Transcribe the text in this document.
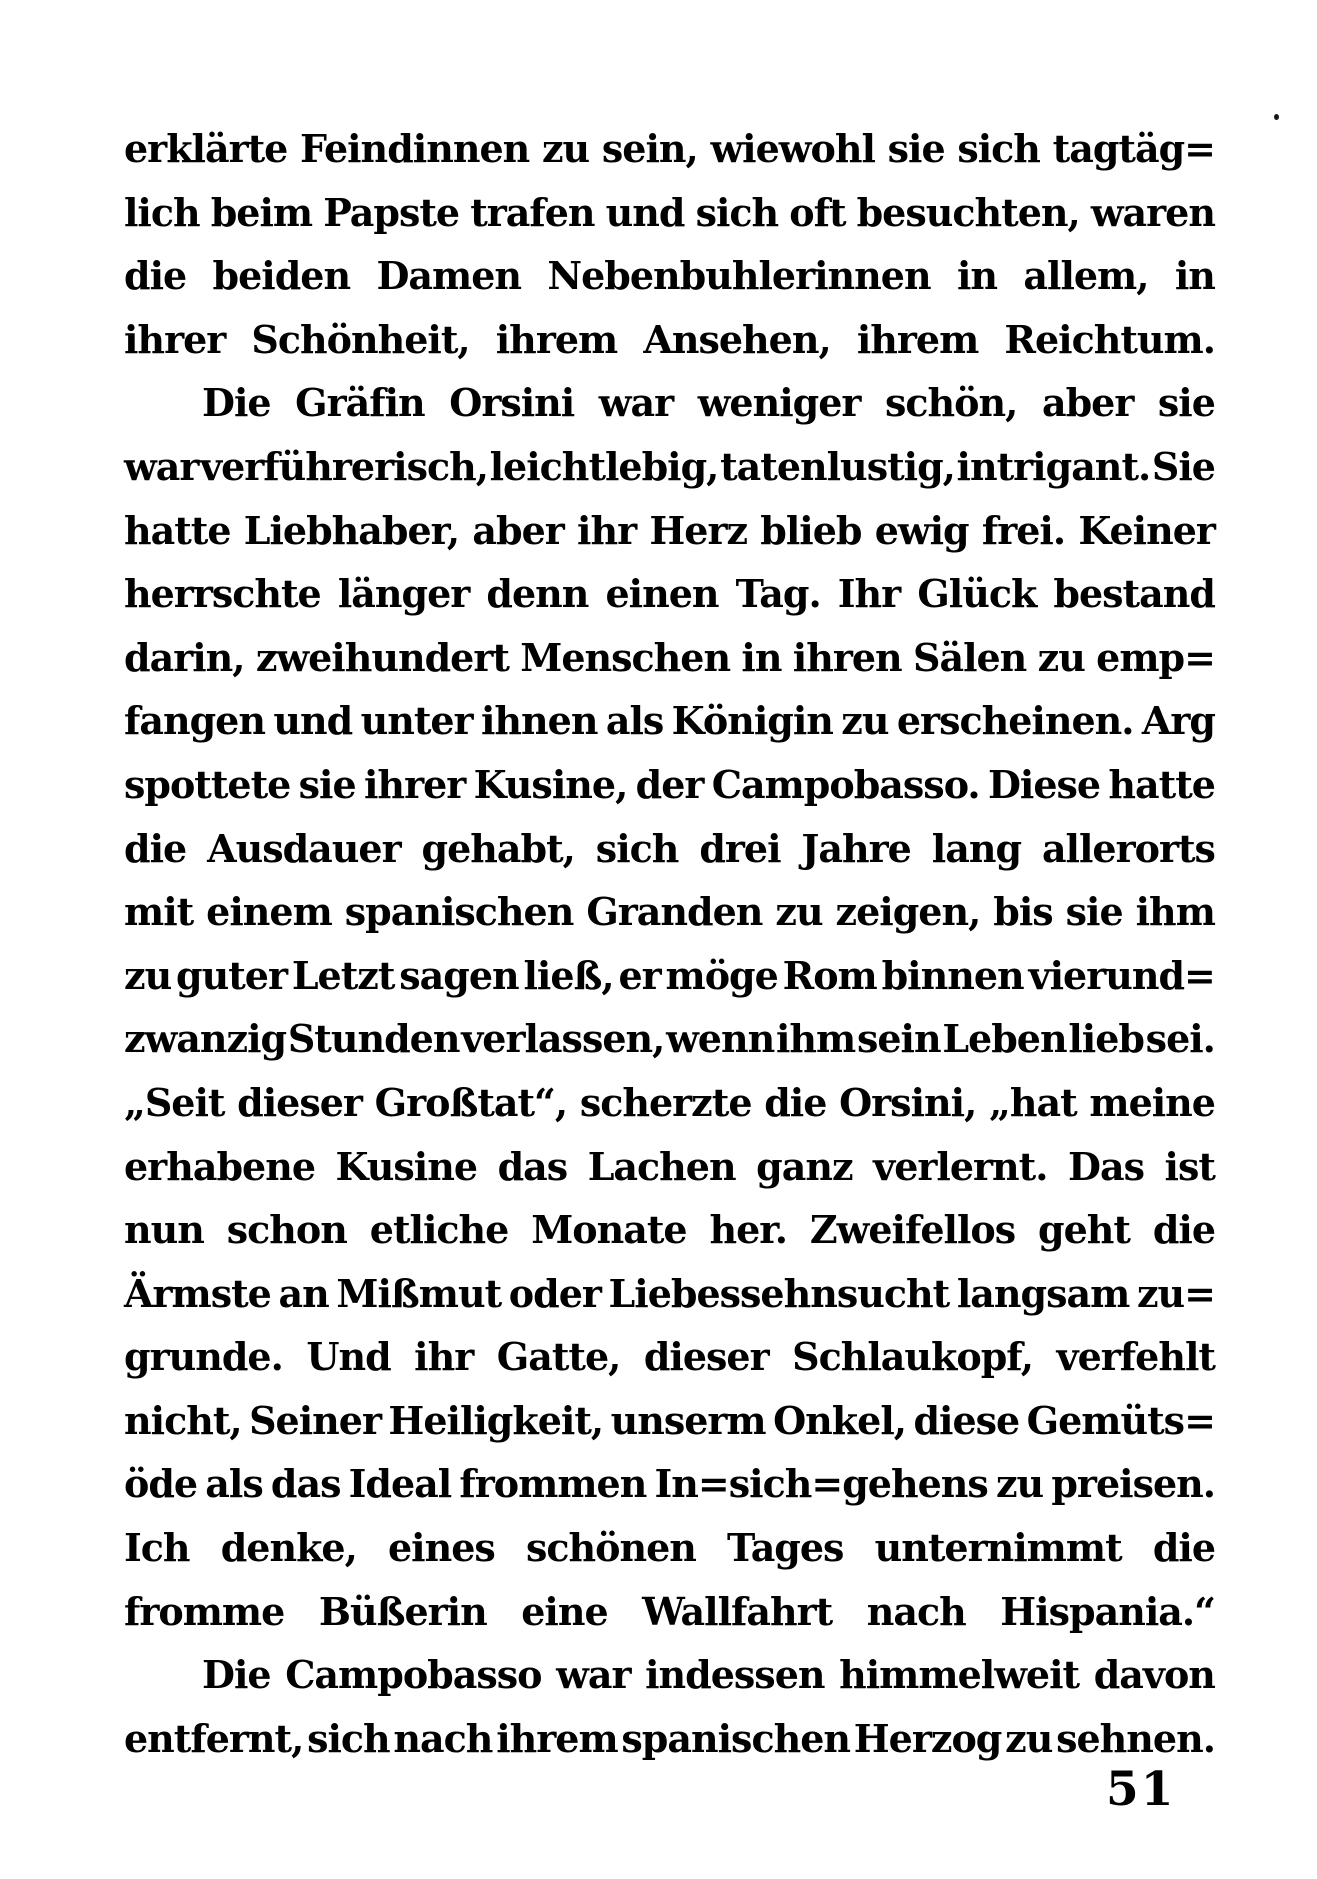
erklärte Feindinnen zu sein, wiewohl sie sich tagtäg=
lich beim Papste trafen und sich oft besuchten, waren
die beiden Damen Nebenbuhlerinnen in allem, in
ihrer Schönheit, ihrem Ansehen, ihrem Reichtum.
Die Gräfin Orsini war weniger schön, aber sie
war verführerisch, leichtlebig, tatenlustig, intrigant. Sie
hatte Liebhaber, aber ihr Herz blieb ewig frei. Keiner
herrschte länger denn einen Tag. Ihr Glück bestand
darin, zweihundert Menschen in ihren Sälen zu emp=
fangen und unter ihnen als Königin zu erscheinen. Arg
spottete sie ihrer Kusine, der Campobasso. Diese hatte
die Ausdauer gehabt, sich drei Jahre lang allerorts
mit einem spanischen Granden zu zeigen, bis sie ihm
zu guter Letzt sagen ließ, er möge Rom binnen vierund=
zwanzig Stunden verlassen, wenn ihm sein Leben lieb sei.
„Seit dieser Großtat“, scherzte die Orsini, „hat meine
erhabene Kusine das Lachen ganz verlernt. Das ist
nun schon etliche Monate her. Zweifellos geht die
Ärmste an Mißmut oder Liebessehnsucht langsam zu=
grunde. Und ihr Gatte, dieser Schlaukopf, verfehlt
nicht, Seiner Heiligkeit, unserm Onkel, diese Gemüts=
öde als das Ideal frommen In=sich=gehens zu preisen.
Ich denke, eines schönen Tages unternimmt die
fromme Büßerin eine Wallfahrt nach Hispania.“
Die Campobasso war indessen himmelweit davon
entfernt, sich nach ihrem spanischen Herzog zu sehnen.
51
